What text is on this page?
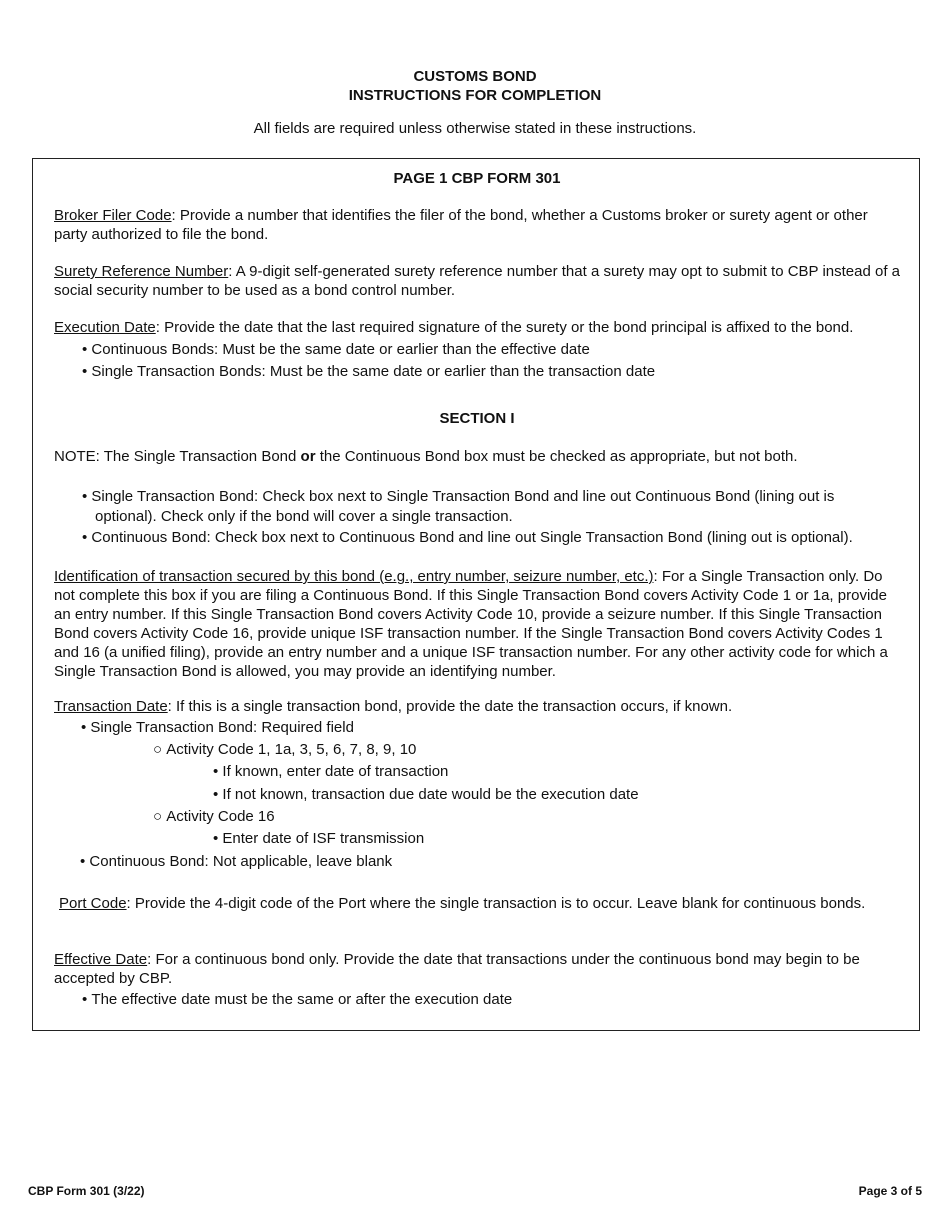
CUSTOMS BOND
INSTRUCTIONS FOR COMPLETION
All fields are required unless otherwise stated in these instructions.
PAGE 1 CBP FORM 301
Broker Filer Code: Provide a number that identifies the filer of the bond, whether a Customs broker or surety agent or other party authorized to file the bond.
Surety Reference Number: A 9-digit self-generated surety reference number that a surety may opt to submit to CBP instead of a social security number to be used as a bond control number.
Execution Date: Provide the date that the last required signature of the surety or the bond principal is affixed to the bond.
• Continuous Bonds: Must be the same date or earlier than the effective date
• Single Transaction Bonds: Must be the same date or earlier than the transaction date
SECTION I
NOTE: The Single Transaction Bond or the Continuous Bond box must be checked as appropriate, but not both.
• Single Transaction Bond: Check box next to Single Transaction Bond and line out Continuous Bond (lining out is
optional). Check only if the bond will cover a single transaction.
• Continuous Bond: Check box next to Continuous Bond and line out Single Transaction Bond (lining out is optional).
Identification of transaction secured by this bond (e.g., entry number, seizure number, etc.): For a Single Transaction only. Do not complete this box if you are filing a Continuous Bond. If this Single Transaction Bond covers Activity Code 1 or 1a, provide an entry number. If this Single Transaction Bond covers Activity Code 10, provide a seizure number. If this Single Transaction Bond covers Activity Code 16, provide unique ISF transaction number. If the Single Transaction Bond covers Activity Codes 1 and 16 (a unified filing), provide an entry number and a unique ISF transaction number. For any other activity code for which a Single Transaction Bond is allowed, you may provide an identifying number.
Transaction Date: If this is a single transaction bond, provide the date the transaction occurs, if known.
• Single Transaction Bond: Required field
○ Activity Code 1, 1a, 3, 5, 6, 7, 8, 9, 10
• If known, enter date of transaction
• If not known, transaction due date would be the execution date
○ Activity Code 16
• Enter date of ISF transmission
• Continuous Bond: Not applicable, leave blank
Port Code: Provide the 4-digit code of the Port where the single transaction is to occur. Leave blank for continuous bonds.
Effective Date: For a continuous bond only. Provide the date that transactions under the continuous bond may begin to be accepted by CBP.
• The effective date must be the same or after the execution date
CBP Form 301 (3/22)	Page 3 of 5
